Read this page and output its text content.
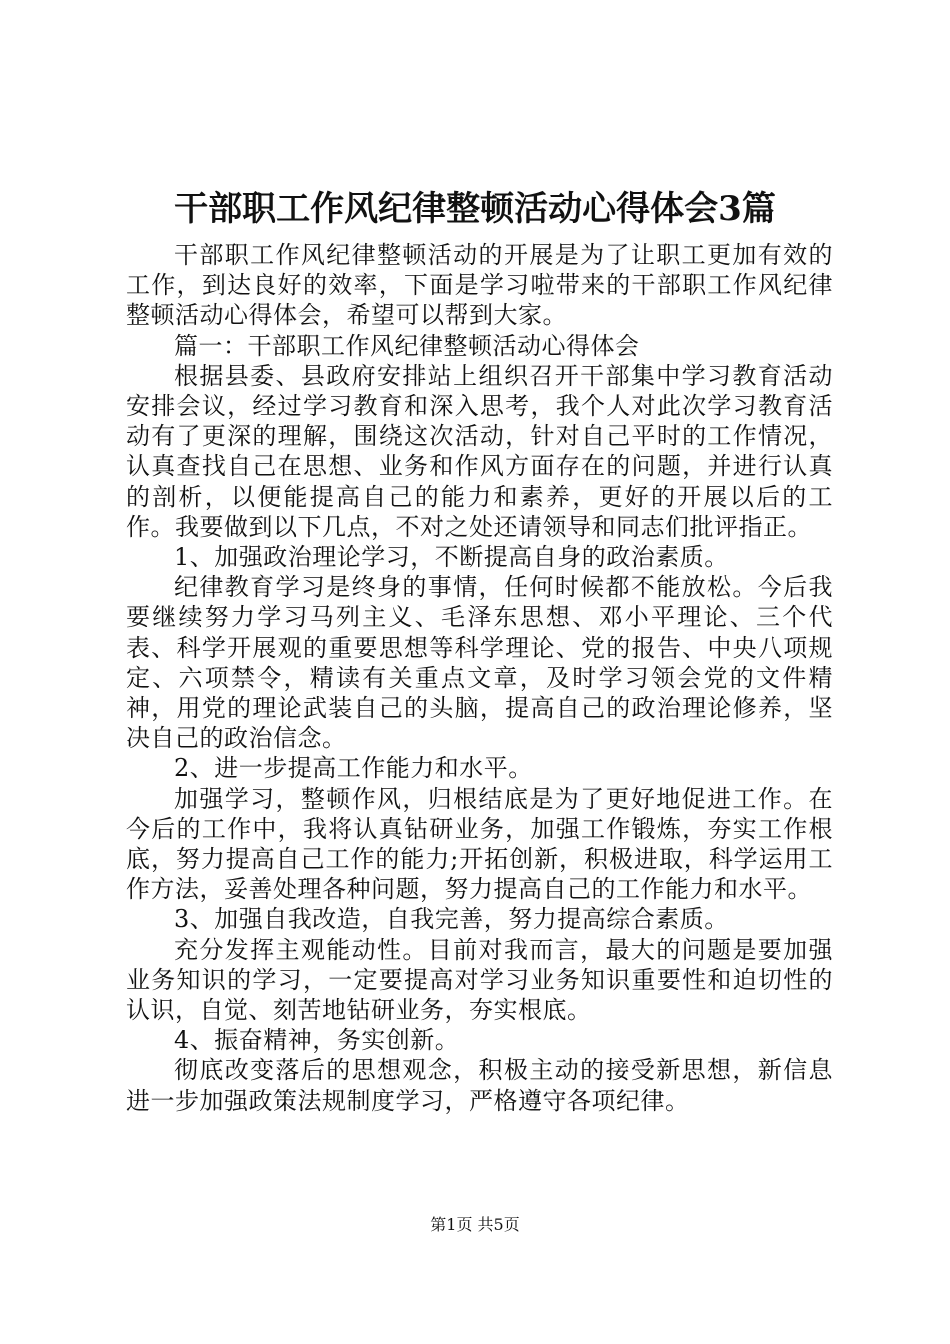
干部职工作风纪律整顿活动心得体会3篇

干部职工作风纪律整顿活动的开展是为了让职工更加有效的工作，到达良好的效率，下面是学习啦带来的干部职工作风纪律整顿活动心得体会，希望可以帮到大家。

篇一：干部职工作风纪律整顿活动心得体会

根据县委、县政府安排站上组织召开干部集中学习教育活动安排会议，经过学习教育和深入思考，我个人对此次学习教育活动有了更深的理解，围绕这次活动，针对自己平时的工作情况，认真查找自己在思想、业务和作风方面存在的问题，并进行认真的剖析，以便能提高自己的能力和素养，更好的开展以后的工作。我要做到以下几点，不对之处还请领导和同志们批评指正。

1、加强政治理论学习，不断提高自身的政治素质。

纪律教育学习是终身的事情，任何时候都不能放松。今后我要继续努力学习马列主义、毛泽东思想、邓小平理论、三个代表、科学开展观的重要思想等科学理论、党的报告、中央八项规定、六项禁令，精读有关重点文章，及时学习领会党的文件精神，用党的理论武装自己的头脑，提高自己的政治理论修养，坚决自己的政治信念。

2、进一步提高工作能力和水平。

加强学习，整顿作风，归根结底是为了更好地促进工作。在今后的工作中，我将认真钻研业务，加强工作锻炼，夯实工作根底，努力提高自己工作的能力;开拓创新，积极进取，科学运用工作方法，妥善处理各种问题，努力提高自己的工作能力和水平。

3、加强自我改造，自我完善，努力提高综合素质。

充分发挥主观能动性。目前对我而言，最大的问题是要加强业务知识的学习，一定要提高对学习业务知识重要性和迫切性的认识，自觉、刻苦地钻研业务，夯实根底。

4、振奋精神，务实创新。

彻底改变落后的思想观念，积极主动的接受新思想，新信息进一步加强政策法规制度学习，严格遵守各项纪律。

第1页 共5页
